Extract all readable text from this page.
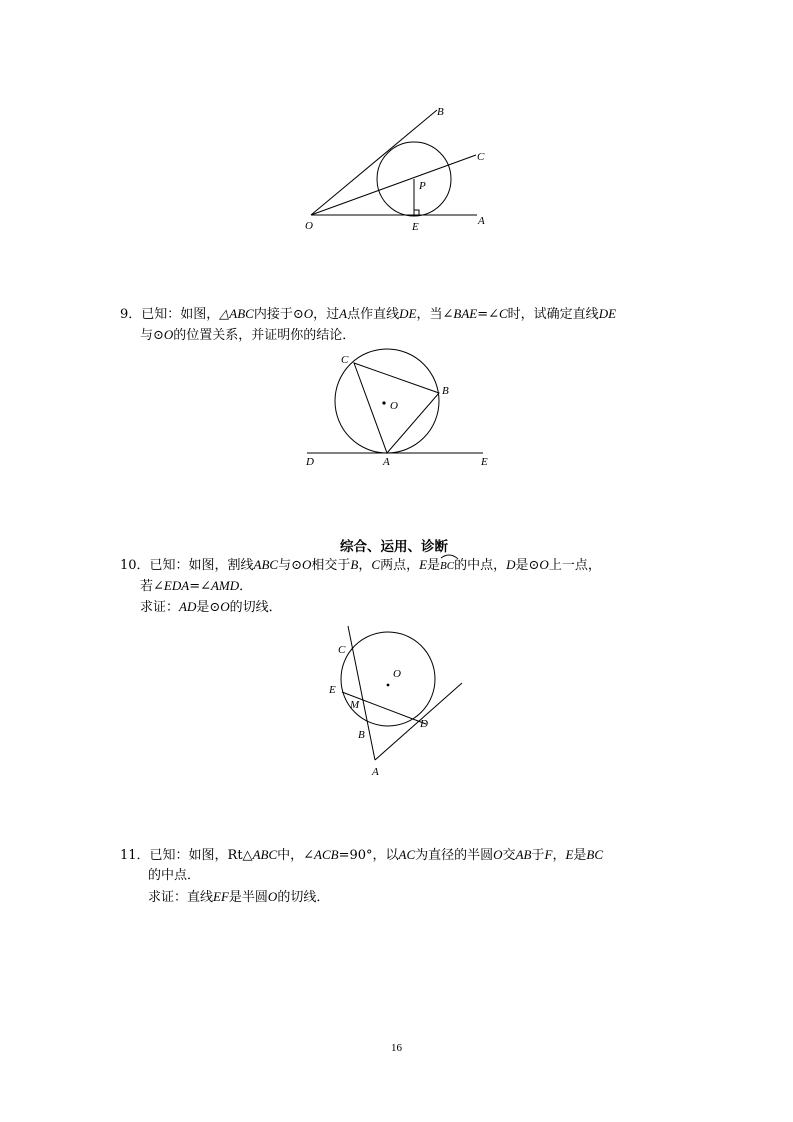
B
C
P
O	E	A
9．已知：如图，△ABC内接于⊙O，过A点作直线DE，当∠BAE=∠C时，试确定直线DE
与⊙O的位置关系，并证明你的结论．
C
B
O
D	A	E
综合、运用、诊断
10．已知：如图，割线ABC与⊙O相交于B，C两点，E是
BC的中点，D是⊙O上一点，
若∠EDA=∠AMD．
求证：AD是⊙O的切线．
C
O
E
M
D
B
A
11．已知：如图，Rt△ABC中，∠ACB=90°，以AC为直径的半圆O交AB于F，E是BC
的中点．
求证：直线EF是半圆O的切线．
16
